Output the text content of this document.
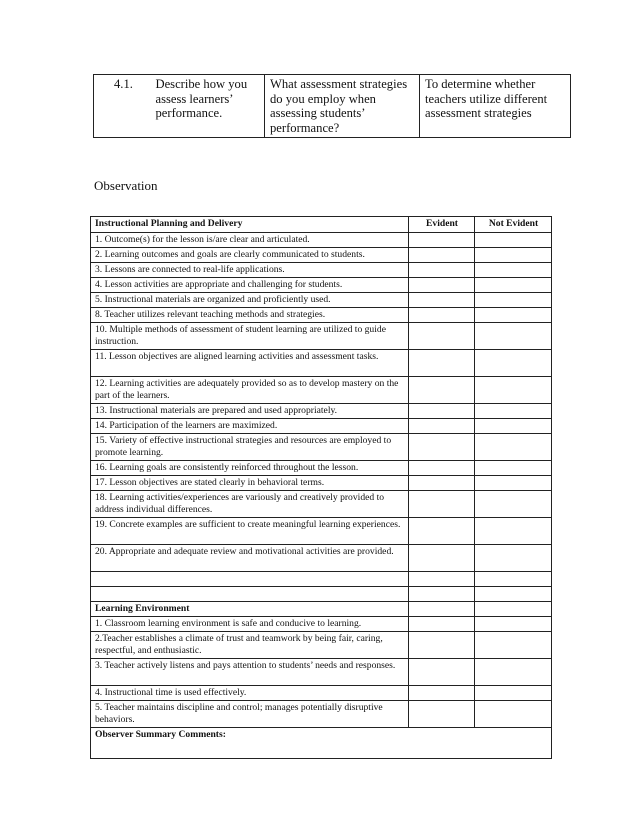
4.1.	Describe how you assess learners’ performance.	What assessment strategies do you employ when assessing students’ performance?	To determine whether teachers utilize different assessment strategies
Observation
Instructional Planning and Delivery	Evident	Not Evident
1. Outcome(s) for the lesson is/are clear and articulated.		
2. Learning outcomes and goals are clearly communicated to students.		
3. Lessons are connected to real-life applications.		
4. Lesson activities are appropriate and challenging for students.		
5. Instructional materials are organized and proficiently used.		
8. Teacher utilizes relevant teaching methods and strategies.		
10. Multiple methods of assessment of student learning are utilized to guide instruction.		
11. Lesson objectives are aligned learning activities and assessment tasks.		
12. Learning activities are adequately provided so as to develop mastery on the part of the learners.		
13. Instructional materials are prepared and used appropriately.		
14. Participation of the learners are maximized.		
15. Variety of effective instructional strategies and resources are employed to promote learning.		
16. Learning goals are consistently reinforced throughout the lesson.		
17. Lesson objectives are stated clearly in behavioral terms.		
18. Learning activities/experiences are variously and creatively provided to address individual differences.		
19. Concrete examples are sufficient to create meaningful learning experiences.		
20. Appropriate and adequate review and motivational activities are provided.		

Learning Environment		
1. Classroom learning environment is safe and conducive to learning.		
2.Teacher establishes a climate of trust and teamwork by being fair, caring, respectful, and enthusiastic.		
3. Teacher actively listens and pays attention to students’ needs and responses.		
4. Instructional time is used effectively.		
5. Teacher maintains discipline and control; manages potentially disruptive behaviors.		
Observer Summary Comments:		
